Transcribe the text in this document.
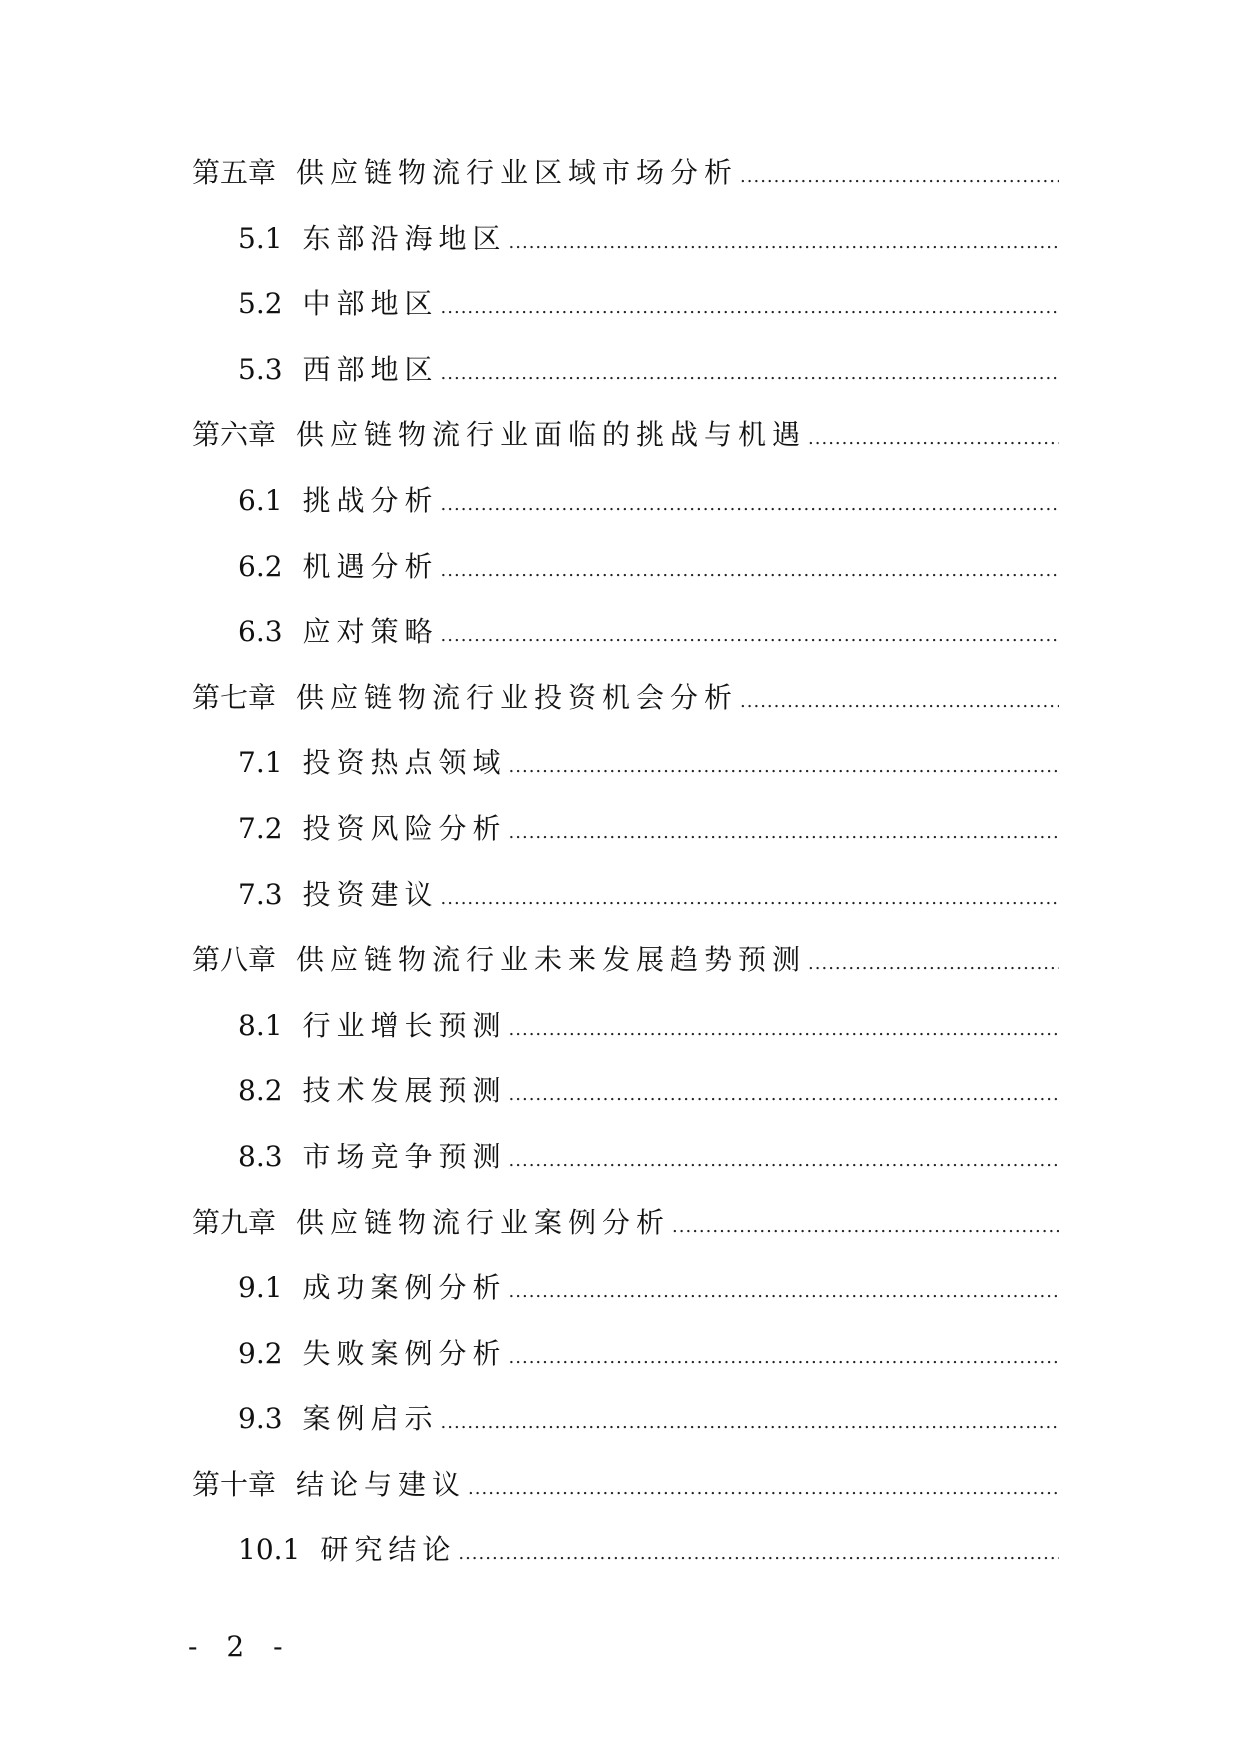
第五章 供应链物流行业区域市场分析
.....
5.1 东部沿海地区
.....
5.2 中部地区
.....
5.3 西部地区
.....
第六章 供应链物流行业面临的挑战与机遇
.....
6.1 挑战分析
.....
6.2 机遇分析
.....
6.3 应对策略
.....
第七章 供应链物流行业投资机会分析
.....
7.1 投资热点领域
.....
7.2 投资风险分析
.....
7.3 投资建议
.....
第八章 供应链物流行业未来发展趋势预测
.....
8.1 行业增长预测
.....
8.2 技术发展预测
.....
8.3 市场竞争预测
.....
第九章 供应链物流行业案例分析
.....
9.1 成功案例分析
.....
9.2 失败案例分析
.....
9.3 案例启示
.....
第十章 结论与建议
.....
10.1 研究结论
.....
- 2 -
